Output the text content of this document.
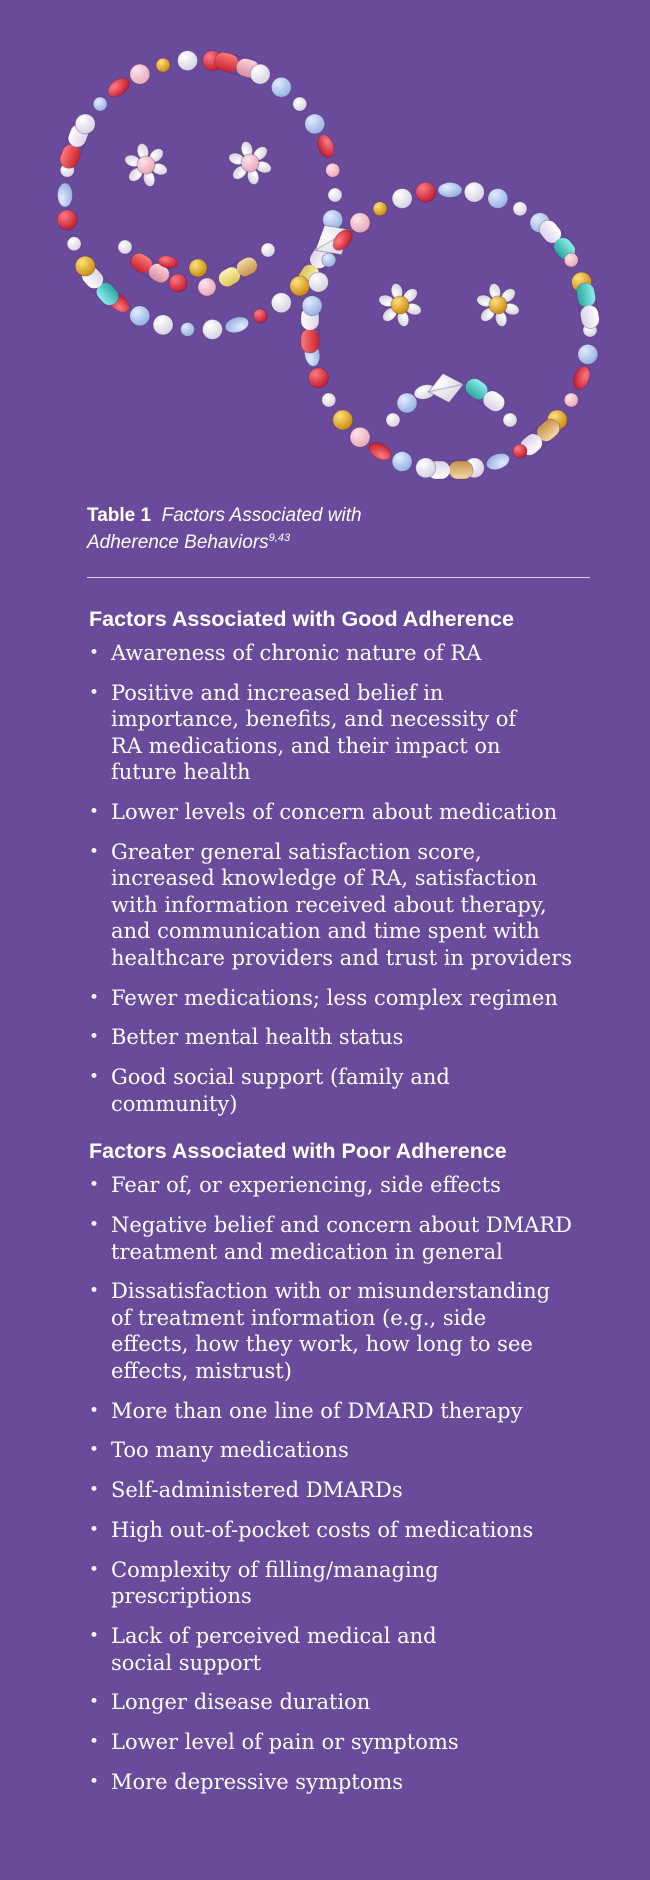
Table 1 Factors Associated with
Adherence Behaviors$^{9,43}$
Factors Associated with Good Adherence
• Awareness of chronic nature of RA
• Positive and increased belief in
importance, benefits, and necessity of
RA medications, and their impact on
future health
• Lower levels of concern about medication
• Greater general satisfaction score,
increased knowledge of RA, satisfaction
with information received about therapy,
and communication and time spent with
healthcare providers and trust in providers
• Fewer medications; less complex regimen
• Better mental health status
• Good social support (family and
community)
Factors Associated with Poor Adherence
• Fear of, or experiencing, side effects
• Negative belief and concern about DMARD
treatment and medication in general
• Dissatisfaction with or misunderstanding
of treatment information (e.g., side
effects, how they work, how long to see
effects, mistrust)
• More than one line of DMARD therapy
• Too many medications
• Self-administered DMARDs
• High out-of-pocket costs of medications
• Complexity of filling/managing
prescriptions
• Lack of perceived medical and
social support
• Longer disease duration
• Lower level of pain or symptoms
• More depressive symptoms
